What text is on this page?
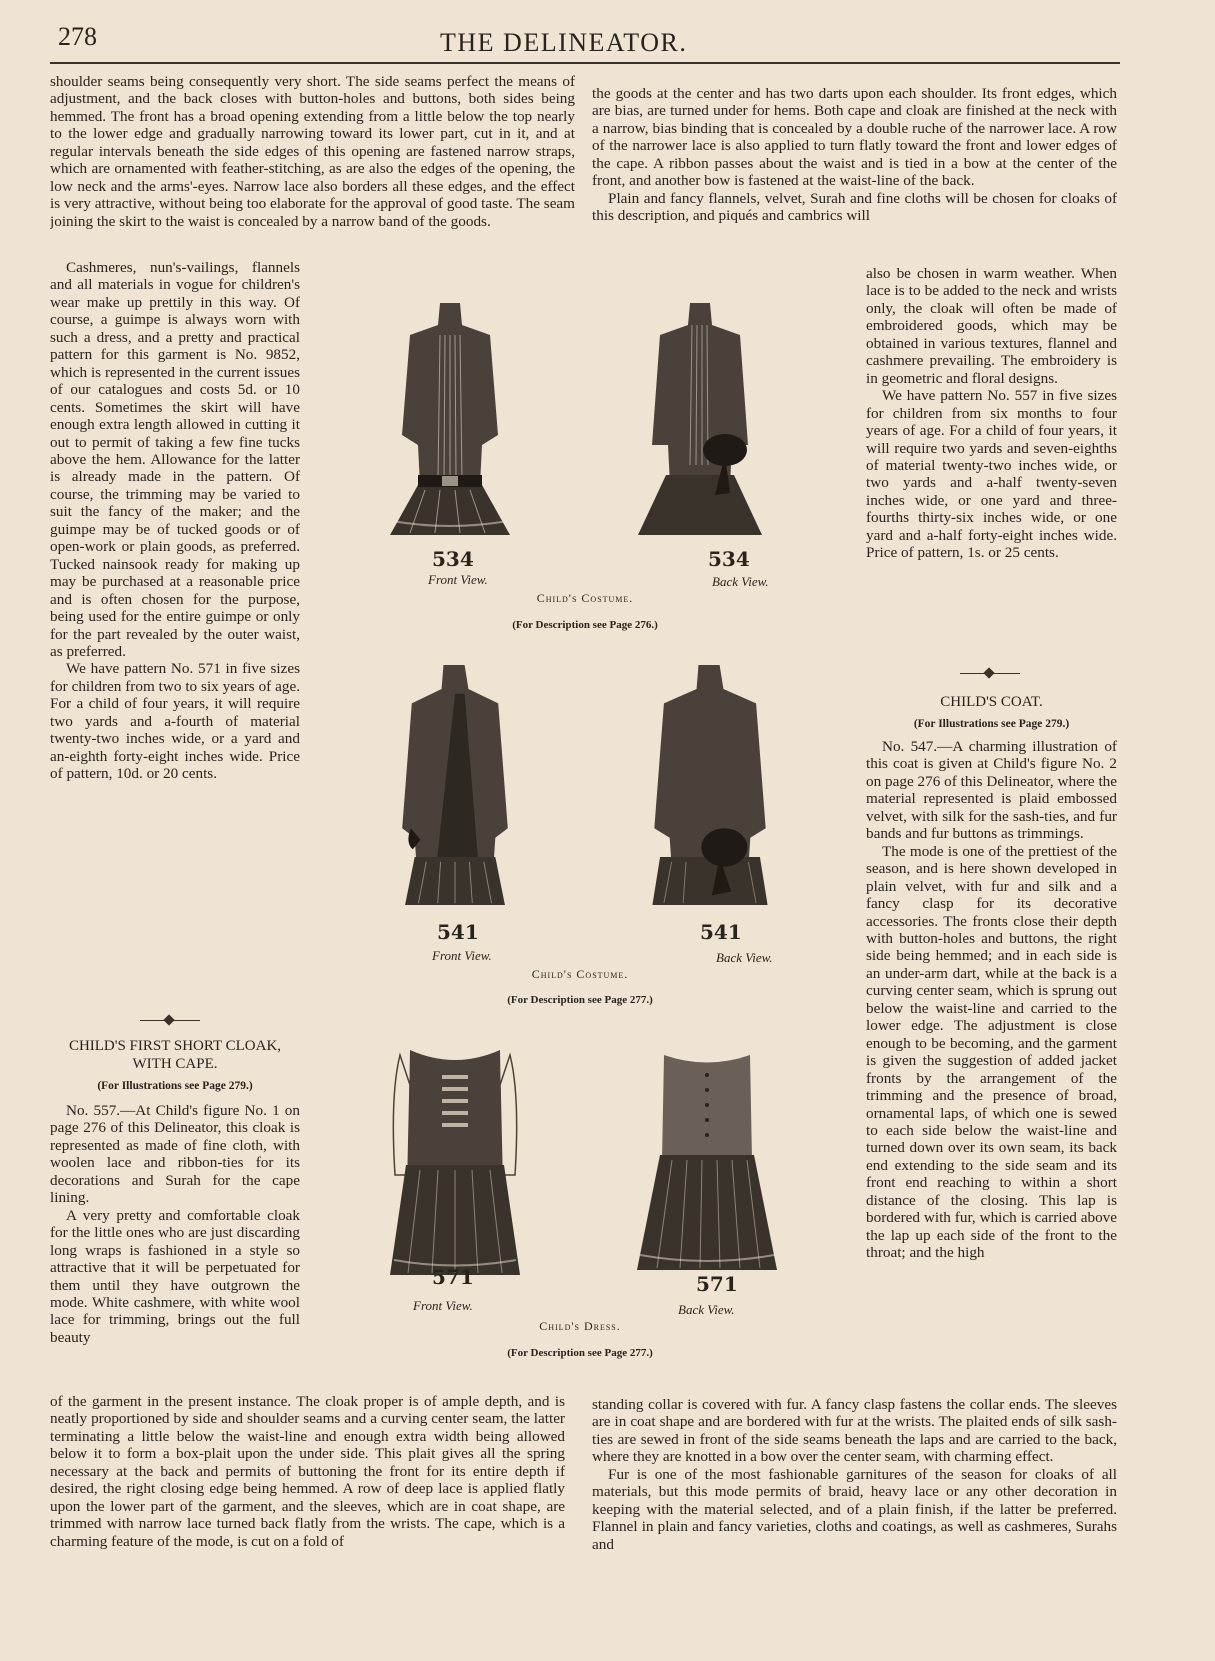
278	THE DELINEATOR.

shoulder seams being consequently very short. The side seams perfect the means of adjustment, and the back closes with button-holes and buttons, both sides being hemmed. The front has a broad opening extending from a little below the top nearly to the lower edge and gradually narrowing toward its lower part, cut in it, and at regular intervals beneath the side edges of this opening are fastened narrow straps, which are ornamented with feather-stitching, as are also the edges of the opening, the low neck and the arms'-eyes. Narrow lace also borders all these edges, and the effect is very attractive, without being too elaborate for the approval of good taste. The seam joining the skirt to the waist is concealed by a narrow band of the goods.

Cashmeres, nun's-vailings, flannels and all materials in vogue for children's wear make up prettily in this way. Of course, a guimpe is always worn with such a dress, and a pretty and practical pattern for this garment is No. 9852, which is represented in the current issues of our catalogues and costs 5d. or 10 cents. Sometimes the skirt will have enough extra length allowed in cutting it out to permit of taking a few fine tucks above the hem. Allowance for the latter is already made in the pattern. Of course, the trimming may be varied to suit the fancy of the maker; and the guimpe may be of tucked goods or of open-work or plain goods, as preferred. Tucked nainsook ready for making up may be purchased at a reasonable price and is often chosen for the purpose, being used for the entire guimpe or only for the part revealed by the outer waist, as preferred.

We have pattern No. 571 in five sizes for children from two to six years of age. For a child of four years, it will require two yards and a-fourth of material twenty-two inches wide, or a yard and an-eighth forty-eight inches wide. Price of pattern, 10d. or 20 cents.

CHILD'S FIRST SHORT CLOAK,
WITH CAPE.
(For Illustrations see Page 279.)

No. 557.—At Child's figure No. 1 on page 276 of this Delineator, this cloak is represented as made of fine cloth, with woolen lace and ribbon-ties for its decorations and Surah for the cape lining.

A very pretty and comfortable cloak for the little ones who are just discarding long wraps is fashioned in a style so attractive that it will be perpetuated for them until they have outgrown the mode. White cashmere, with white wool lace for trimming, brings out the full beauty

of the garment in the present instance. The cloak proper is of ample depth, and is neatly proportioned by side and shoulder seams and a curving center seam, the latter terminating a little below the waist-line and enough extra width being allowed below it to form a box-plait upon the under side. This plait gives all the spring necessary at the back and permits of buttoning the front for its entire depth if desired, the right closing edge being hemmed. A row of deep lace is applied flatly upon the lower part of the garment, and the sleeves, which are in coat shape, are trimmed with narrow lace turned back flatly from the wrists. The cape, which is a charming feature of the mode, is cut on a fold of

the goods at the center and has two darts upon each shoulder. Its front edges, which are bias, are turned under for hems. Both cape and cloak are finished at the neck with a narrow, bias binding that is concealed by a double ruche of the narrower lace. A row of the narrower lace is also applied to turn flatly toward the front and lower edges of the cape. A ribbon passes about the waist and is tied in a bow at the center of the front, and another bow is fastened at the waist-line of the back.

Plain and fancy flannels, velvet, Surah and fine cloths will be chosen for cloaks of this description, and piqués and cambrics will

also be chosen in warm weather. When lace is to be added to the neck and wrists only, the cloak will often be made of embroidered goods, which may be obtained in various textures, flannel and cashmere prevailing. The embroidery is in geometric and floral designs.

We have pattern No. 557 in five sizes for children from six months to four years of age. For a child of four years, it will require two yards and seven-eighths of material twenty-two inches wide, or two yards and a-half twenty-seven inches wide, or one yard and three-fourths thirty-six inches wide, or one yard and a-half forty-eight inches wide. Price of pattern, 1s. or 25 cents.

CHILD'S COAT.
(For Illustrations see Page 279.)

No. 547.—A charming illustration of this coat is given at Child's figure No. 2 on page 276 of this Delineator, where the material represented is plaid embossed velvet, with silk for the sash-ties, and fur bands and fur buttons as trimmings.

The mode is one of the prettiest of the season, and is here shown developed in plain velvet, with fur and silk and a fancy clasp for its decorative accessories. The fronts close their depth with button-holes and buttons, the right side being hemmed; and in each side is an under-arm dart, while at the back is a curving center seam, which is sprung out below the waist-line and carried to the lower edge. The adjustment is close enough to be becoming, and the garment is given the suggestion of added jacket fronts by the arrangement of the trimming and the presence of broad, ornamental laps, of which one is sewed to each side below the waist-line and turned down over its own seam, its back end extending to the side seam and its front end reaching to within a short distance of the closing. This lap is bordered with fur, which is carried above the lap up each side of the front to the throat; and the high

standing collar is covered with fur. A fancy clasp fastens the collar ends. The sleeves are in coat shape and are bordered with fur at the wrists. The plaited ends of silk sash-ties are sewed in front of the side seams beneath the laps and are carried to the back, where they are knotted in a bow over the center seam, with charming effect.

Fur is one of the most fashionable garnitures of the season for cloaks of all materials, but this mode permits of braid, heavy lace or any other decoration in keeping with the material selected, and of a plain finish, if the latter be preferred. Flannel in plain and fancy varieties, cloths and coatings, as well as cashmeres, Surahs and

534	534
Front View.	Back View.
Child's Costume.
(For Description see Page 276.)
541	541
Front View.	Back View.
Child's Costume.
(For Description see Page 277.)
571	571
Front View.	Back View.
Child's Dress.
(For Description see Page 277.)
